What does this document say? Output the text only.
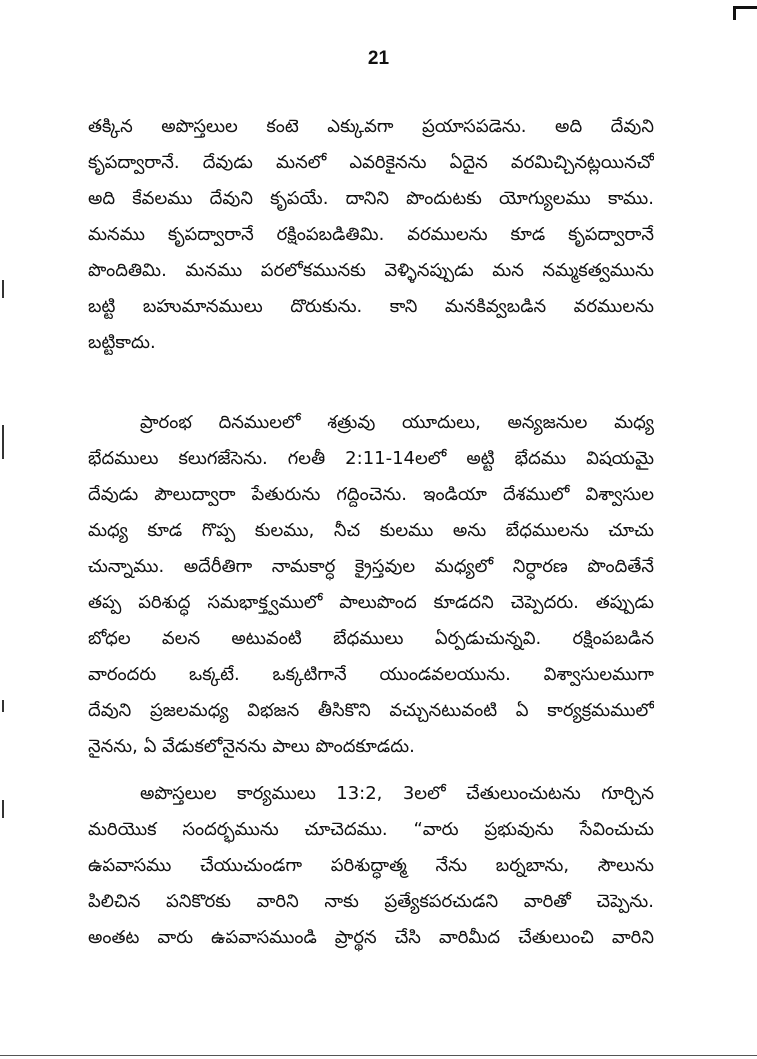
21
తక్కిన అపొస్తలుల కంటె ఎక్కువగా ప్రయాసపడెను. అది దేవుని
కృపద్వారానే. దేవుడు మనలో ఎవరికైనను ఏదైన వరమిచ్చినట్లయినచో
అది కేవలము దేవుని కృపయే. దానిని పొందుటకు యోగ్యులము కాము.
మనము కృపద్వారానే రక్షింపబడితిమి. వరములను కూడ కృపద్వారానే
పొందితిమి. మనము పరలోకమునకు వెళ్ళినప్పుడు మన నమ్మకత్వమును
బట్టి బహుమానములు దొరుకును. కాని మనకివ్వబడిన వరములను
బట్టికాదు.
ప్రారంభ దినములలో శత్రువు యూదులు, అన్యజనుల మధ్య
భేదములు కలుగజేసెను. గలతీ 2:11-14లలో అట్టి భేదము విషయమై
దేవుడు పౌలుద్వారా పేతురును గద్దించెను. ఇండియా దేశములో విశ్వాసుల
మధ్య కూడ గొప్ప కులము, నీచ కులము అను బేధములను చూచు
చున్నాము. అదేరీతిగా నామకార్ధ క్రైస్తవుల మధ్యలో నిర్ధారణ పొందితేనే
తప్ప పరిశుద్ధ సమభాక్త్వములో పాలుపొంద కూడదని చెప్పెదరు. తప్పుడు
బోధల వలన అటువంటి బేధములు ఏర్పడుచున్నవి. రక్షింపబడిన
వారందరు ఒక్కటే. ఒక్కటిగానే యుండవలయును. విశ్వాసులముగా
దేవుని ప్రజలమధ్య విభజన తీసికొని వచ్చునటువంటి ఏ కార్యక్రమములో
నైనను, ఏ వేడుకలోనైనను పాలు పొందకూడదు.
అపొస్తలుల కార్యములు 13:2, 3లలో చేతులుంచుటను గూర్చిన
మరియొక సందర్భమును చూచెదము. “వారు ప్రభువును సేవించుచు
ఉపవాసము చేయుచుండగా పరిశుద్ధాత్మ నేను బర్నబాను, సౌలును
పిలిచిన పనికొరకు వారిని నాకు ప్రత్యేకపరచుడని వారితో చెప్పెను.
అంతట వారు ఉపవాసముండి ప్రార్థన చేసి వారిమీద చేతులుంచి వారిని
